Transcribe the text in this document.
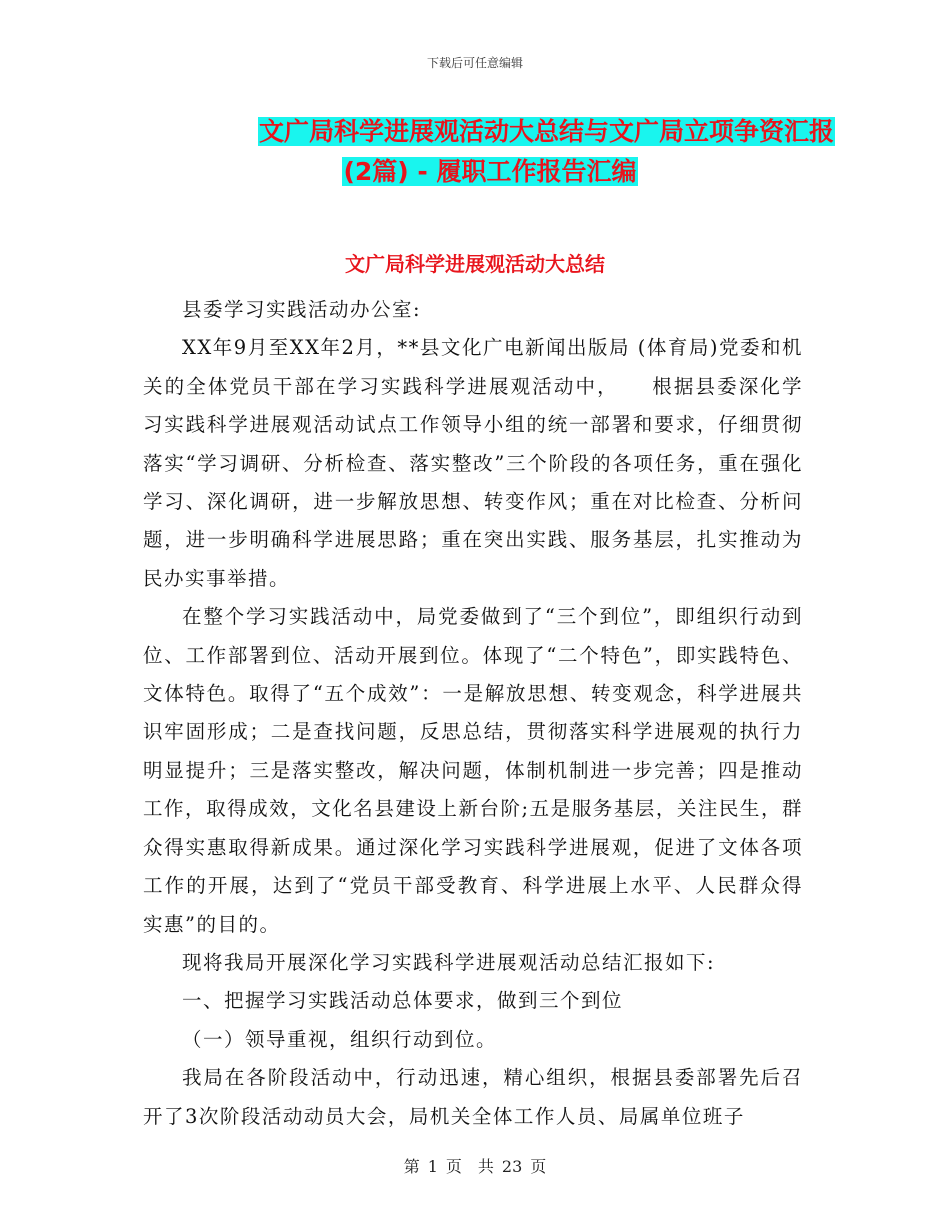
下载后可任意编辑
文广局科学进展观活动大总结与文广局立项争资汇报
(2篇) - 履职工作报告汇编
文广局科学进展观活动大总结

县委学习实践活动办公室:

XX年9月至XX年2月，**县文化广电新闻出版局 (体育局)党委和机关的全体党员干部在学习实践科学进展观活动中，　　根据县委深化学习实践科学进展观活动试点工作领导小组的统一部署和要求，仔细贯彻落实“学习调研、分析检查、落实整改”三个阶段的各项任务，重在强化学习、深化调研，进一步解放思想、转变作风；重在对比检查、分析问题，进一步明确科学进展思路；重在突出实践、服务基层，扎实推动为民办实事举措。

在整个学习实践活动中，局党委做到了“三个到位”，即组织行动到位、工作部署到位、活动开展到位。体现了“二个特色”，即实践特色、文体特色。取得了“五个成效”：一是解放思想、转变观念，科学进展共识牢固形成；二是查找问题，反思总结，贯彻落实科学进展观的执行力明显提升；三是落实整改，解决问题，体制机制进一步完善；四是推动工作，取得成效，文化名县建设上新台阶;五是服务基层，关注民生，群众得实惠取得新成果。通过深化学习实践科学进展观，促进了文体各项工作的开展，达到了“党员干部受教育、科学进展上水平、人民群众得实惠”的目的。

现将我局开展深化学习实践科学进展观活动总结汇报如下:

一、把握学习实践活动总体要求，做到三个到位

（一）领导重视，组织行动到位。

我局在各阶段活动中，行动迅速，精心组织，根据县委部署先后召开了3次阶段活动动员大会，局机关全体工作人员、局属单位班子

第 1 页　共 23 页
